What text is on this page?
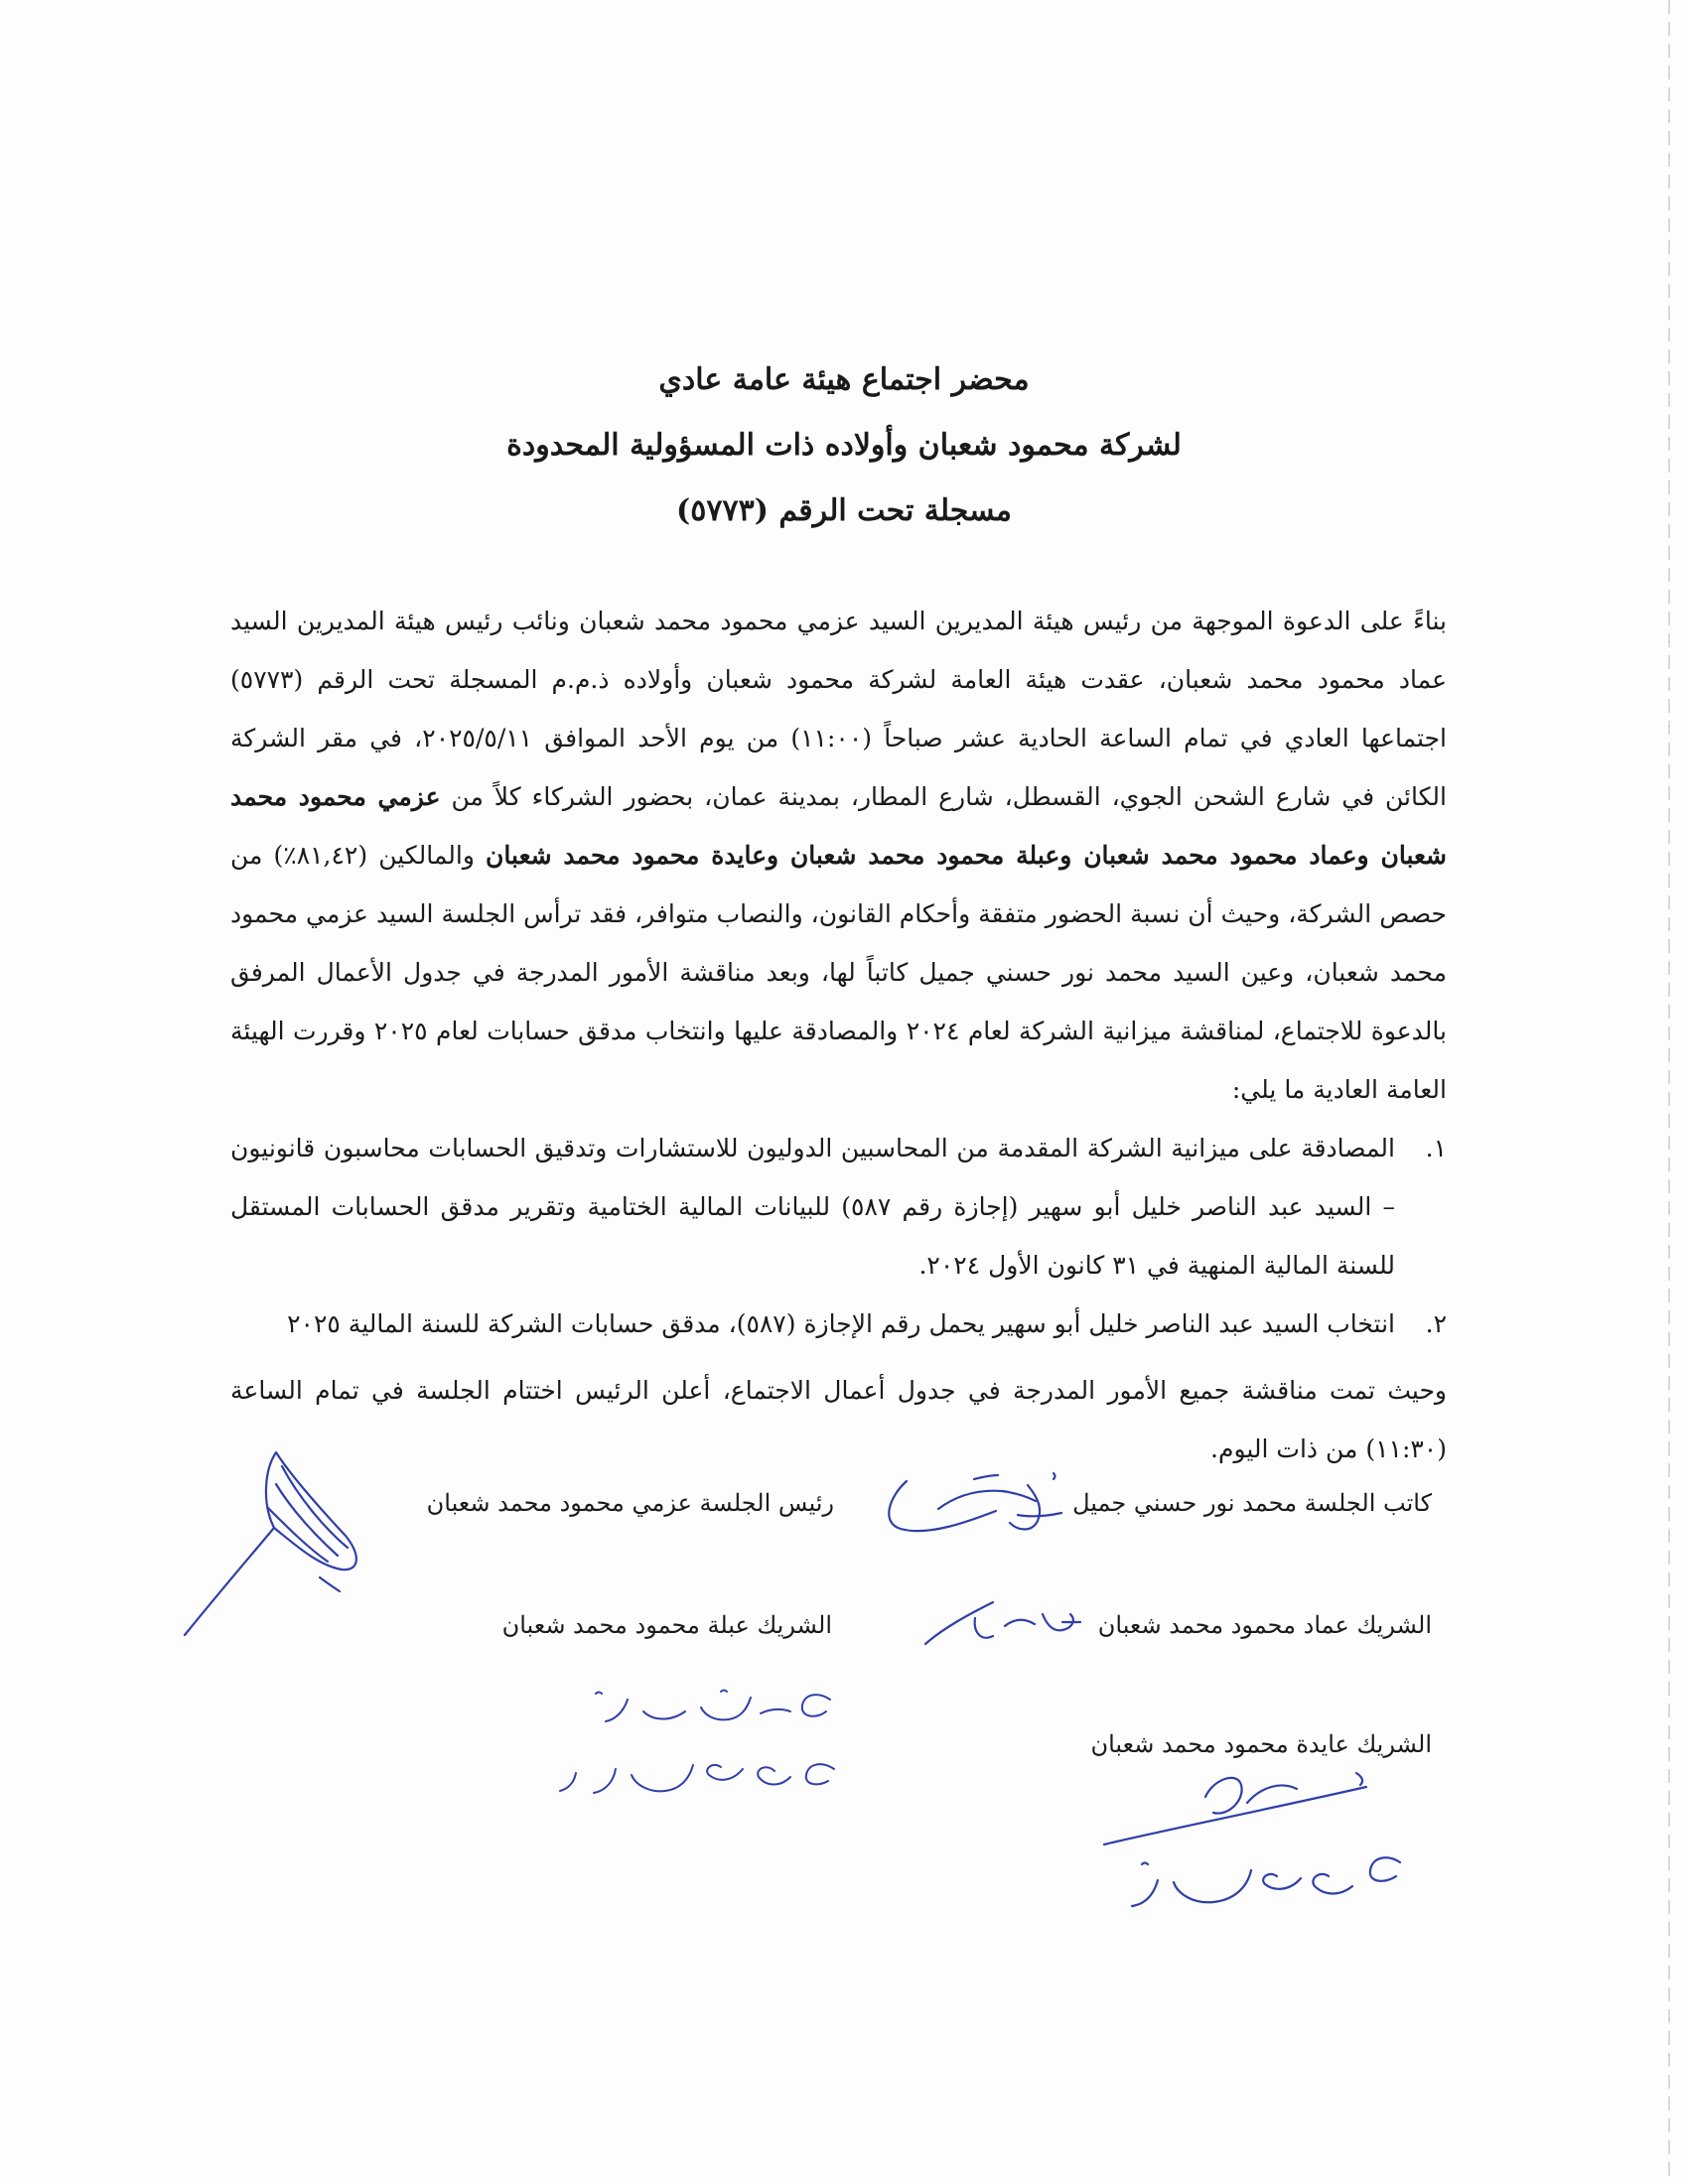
محضر اجتماع هيئة عامة عادي

لشركة محمود شعبان وأولاده ذات المسؤولية المحدودة

مسجلة تحت الرقم (٥٧٧٣)

بناءً على الدعوة الموجهة من رئيس هيئة المديرين السيد عزمي محمود محمد شعبان ونائب رئيس هيئة المديرين السيد عماد محمود محمد شعبان، عقدت هيئة العامة لشركة محمود شعبان وأولاده ذ.م.م المسجلة تحت الرقم (٥٧٧٣) اجتماعها العادي في تمام الساعة الحادية عشر صباحاً (١١:٠٠) من يوم الأحد الموافق ٢٠٢٥/٥/١١، في مقر الشركة الكائن في شارع الشحن الجوي، القسطل، شارع المطار، بمدينة عمان، بحضور الشركاء كلاً من عزمي محمود محمد شعبان وعماد محمود محمد شعبان وعبلة محمود محمد شعبان وعايدة محمود محمد شعبان والمالكين (٨١,٤٢٪) من حصص الشركة، وحيث أن نسبة الحضور متفقة وأحكام القانون، والنصاب متوافر، فقد ترأس الجلسة السيد عزمي محمود محمد شعبان، وعين السيد محمد نور حسني جميل كاتباً لها، وبعد مناقشة الأمور المدرجة في جدول الأعمال المرفق بالدعوة للاجتماع، لمناقشة ميزانية الشركة لعام ٢٠٢٤ والمصادقة عليها وانتخاب مدقق حسابات لعام ٢٠٢٥ وقررت الهيئة العامة العادية ما يلي:

١.
المصادقة على ميزانية الشركة المقدمة من المحاسبين الدوليون للاستشارات وتدقيق الحسابات محاسبون قانونيون – السيد عبد الناصر خليل أبو سهير (إجازة رقم ٥٨٧) للبيانات المالية الختامية وتقرير مدقق الحسابات المستقل للسنة المالية المنهية في ٣١ كانون الأول ٢٠٢٤.
٢.
انتخاب السيد عبد الناصر خليل أبو سهير يحمل رقم الإجازة (٥٨٧)، مدقق حسابات الشركة للسنة المالية ٢٠٢٥

وحيث تمت مناقشة جميع الأمور المدرجة في جدول أعمال الاجتماع، أعلن الرئيس اختتام الجلسة في تمام الساعة (١١:٣٠) من ذات اليوم.

كاتب الجلسة محمد نور حسني جميل
رئيس الجلسة عزمي محمود محمد شعبان
الشريك عماد محمود محمد شعبان
الشريك عبلة محمود محمد شعبان
الشريك عايدة محمود محمد شعبان
